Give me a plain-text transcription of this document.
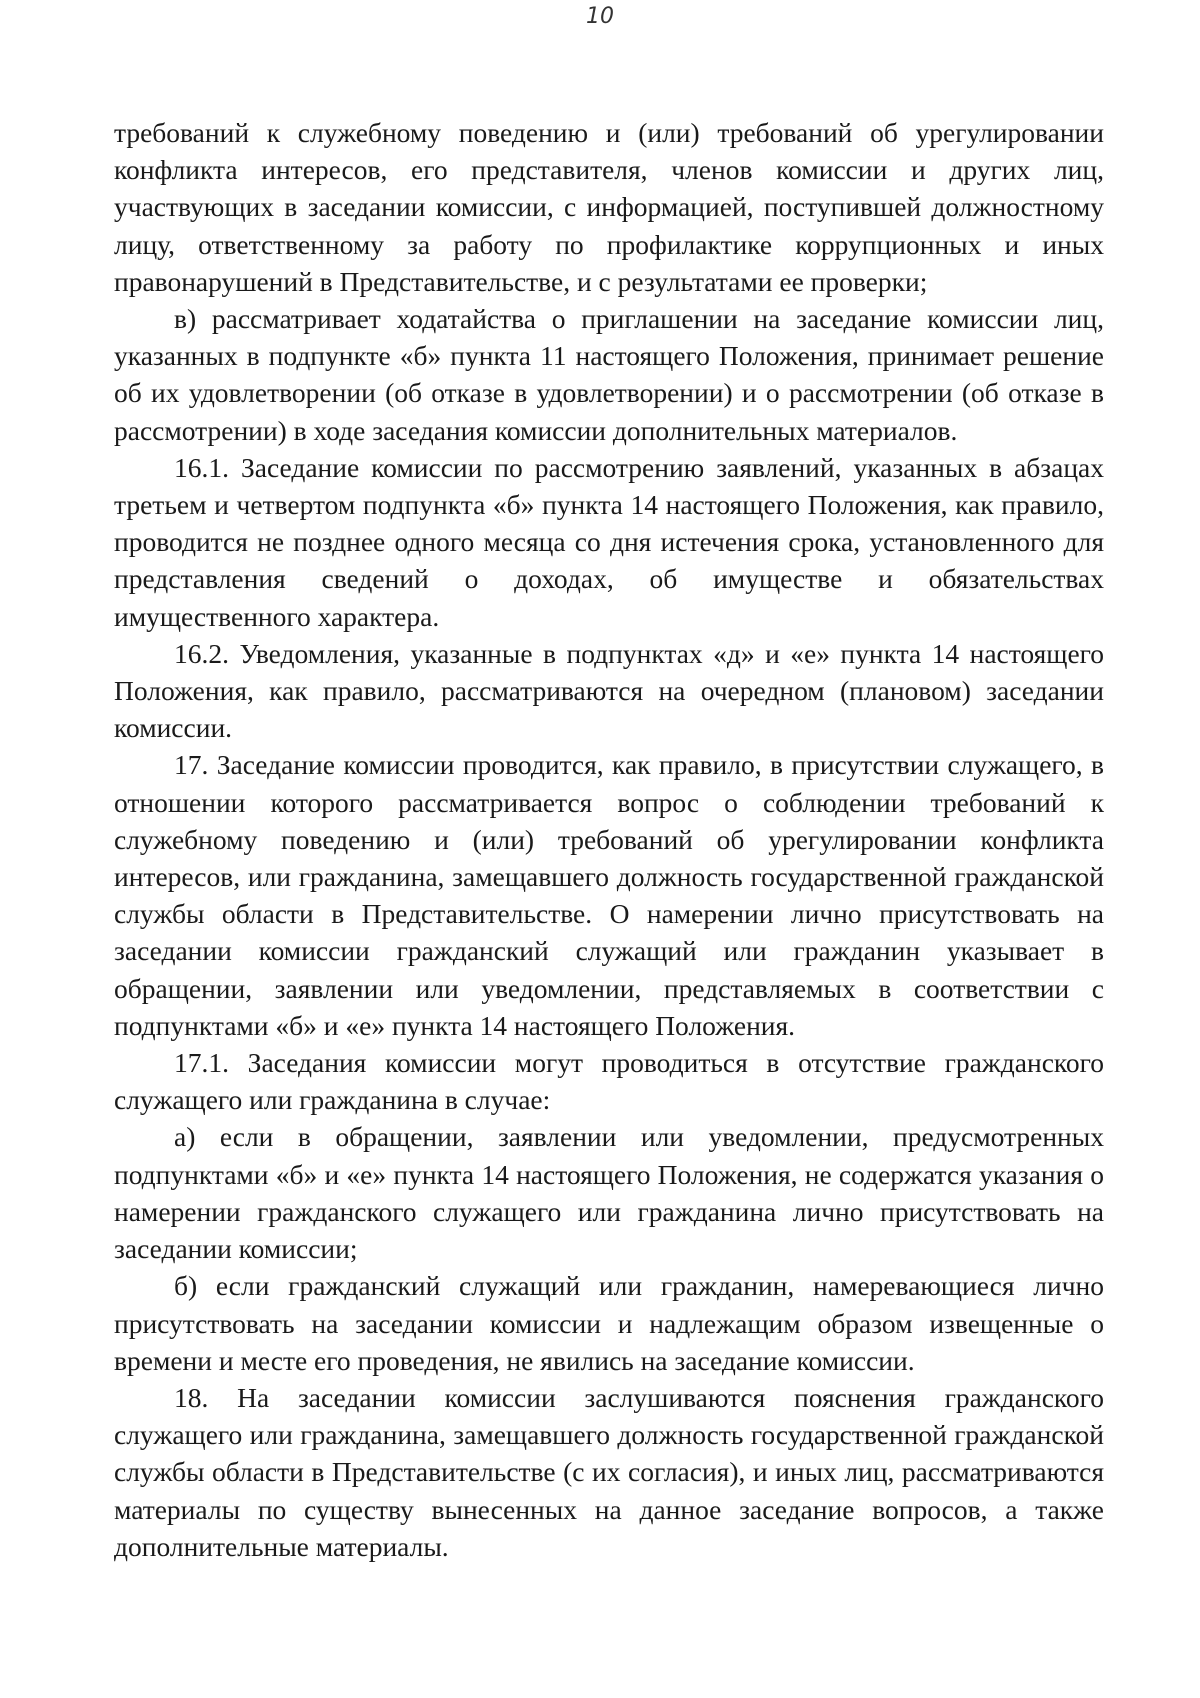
10

требований к служебному поведению и (или) требований об урегулировании конфликта интересов, его представителя, членов комиссии и других лиц, участвующих в заседании комиссии, с информацией, поступившей должностному лицу, ответственному за работу по профилактике коррупционных и иных правонарушений в Представительстве, и с результатами ее проверки;

в) рассматривает ходатайства о приглашении на заседание комиссии лиц, указанных в подпункте «б» пункта 11 настоящего Положения, принимает решение об их удовлетворении (об отказе в удовлетворении) и о рассмотрении (об отказе в рассмотрении) в ходе заседания комиссии дополнительных материалов.

16.1. Заседание комиссии по рассмотрению заявлений, указанных в абзацах третьем и четвертом подпункта «б» пункта 14 настоящего Положения, как правило, проводится не позднее одного месяца со дня истечения срока, установленного для представления сведений о доходах, об имуществе и обязательствах имущественного характера.

16.2. Уведомления, указанные в подпунктах «д» и «е» пункта 14 настоящего Положения, как правило, рассматриваются на очередном (плановом) заседании комиссии.

17. Заседание комиссии проводится, как правило, в присутствии служащего, в отношении которого рассматривается вопрос о соблюдении требований к служебному поведению и (или) требований об урегулировании конфликта интересов, или гражданина, замещавшего должность государственной гражданской службы области в Представительстве. О намерении лично присутствовать на заседании комиссии гражданский служащий или гражданин указывает в обращении, заявлении или уведомлении, представляемых в соответствии с подпунктами «б» и «е» пункта 14 настоящего Положения.

17.1. Заседания комиссии могут проводиться в отсутствие гражданского служащего или гражданина в случае:

а) если в обращении, заявлении или уведомлении, предусмотренных подпунктами «б» и «е» пункта 14 настоящего Положения, не содержатся указания о намерении гражданского служащего или гражданина лично присутствовать на заседании комиссии;

б) если гражданский служащий или гражданин, намеревающиеся лично присутствовать на заседании комиссии и надлежащим образом извещенные о времени и месте его проведения, не явились на заседание комиссии.

18. На заседании комиссии заслушиваются пояснения гражданского служащего или гражданина, замещавшего должность государственной гражданской службы области в Представительстве (с их согласия), и иных лиц, рассматриваются материалы по существу вынесенных на данное заседание вопросов, а также дополнительные материалы.
